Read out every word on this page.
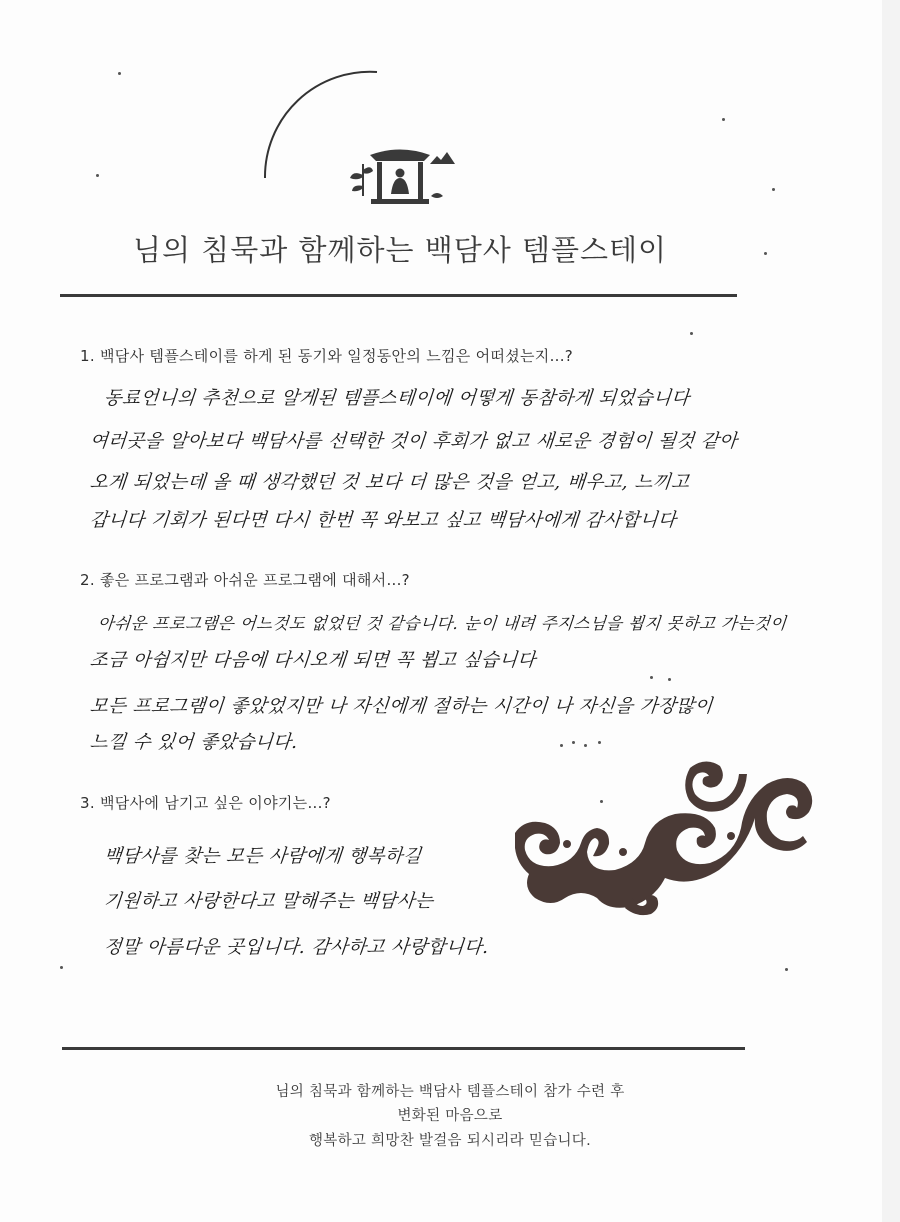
님의 침묵과 함께하는 백담사 템플스테이
1. 백담사 템플스테이를 하게 된 동기와 일정동안의 느낌은 어떠셨는지...?
동료언니의 추천으로 알게된 템플스테이에 어떻게 동참하게 되었습니다
여러곳을 알아보다 백담사를 선택한 것이 후회가 없고 새로운 경험이 될것 같아
오게 되었는데 올 때 생각했던 것 보다 더 많은 것을 얻고, 배우고, 느끼고
갑니다 기회가 된다면 다시 한번 꼭 와보고 싶고 백담사에게 감사합니다
2. 좋은 프로그램과 아쉬운 프로그램에 대해서...?
아쉬운 프로그램은 어느것도 없었던 것 같습니다. 눈이 내려 주지스님을 뵙지 못하고 가는것이
조금 아쉽지만 다음에 다시오게 되면 꼭 뵙고 싶습니다
모든 프로그램이 좋았었지만 나 자신에게 절하는 시간이 나 자신을 가장많이
느낄 수 있어 좋았습니다.
3. 백담사에 남기고 싶은 이야기는...?
백담사를 찾는 모든 사람에게 행복하길
기원하고 사랑한다고 말해주는 백담사는
정말 아름다운 곳입니다. 감사하고 사랑합니다.
님의 침묵과 함께하는 백담사 템플스테이 참가 수련 후
변화된 마음으로
행복하고 희망찬 발걸음 되시리라 믿습니다.
